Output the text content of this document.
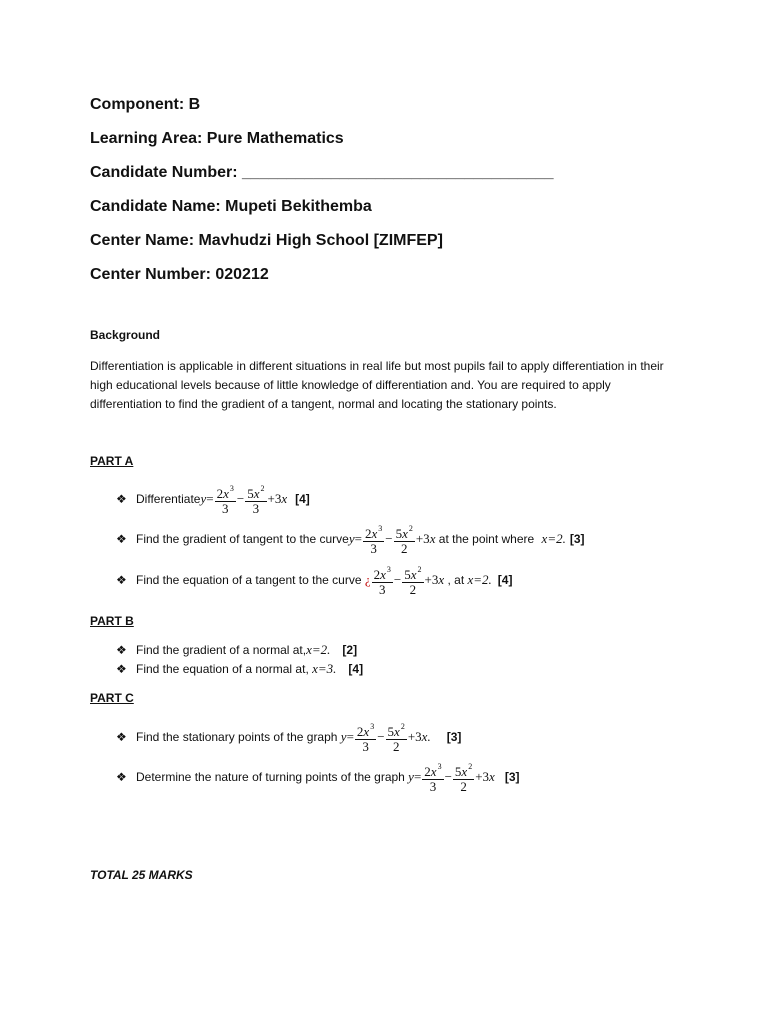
Component: B
Learning Area: Pure Mathematics
Candidate Number: ___________________________________
Candidate Name: Mupeti Bekithemba
Center Name: Mavhudzi High School [ZIMFEP]
Center Number: 020212
Background
Differentiation is applicable in different situations in real life but most pupils fail to apply differentiation in their high educational levels because of little knowledge of differentiation and. You are required to apply differentiation to find the gradient of a tangent, normal and locating the stationary points.
PART A
❖ Differentiate $y = \frac{2x^3}{3} - \frac{5x^2}{3} +3$ x [4]
❖ Find the gradient of tangent to the curve $y = \frac{2x^3}{3} - \frac{5x^2}{2} +3$ x at the point where x=2. [3]
❖ Find the equation of a tangent to the curve ¿ $\frac{2x^3}{3} - \frac{5x^2}{2} +3$ x , at x=2. [4]
PART B
❖ Find the gradient of a normal at, x=2. [2]
❖ Find the equation of a normal at, x=3. [4]
PART C
❖ Find the stationary points of the graph $y = \frac{2x^3}{3} - \frac{5x^2}{2} +3$ x. [3]
❖ Determine the nature of turning points of the graph $y = \frac{2x^3}{3} - \frac{5x^2}{2} +3$ x [3]
TOTAL 25 MARKS
